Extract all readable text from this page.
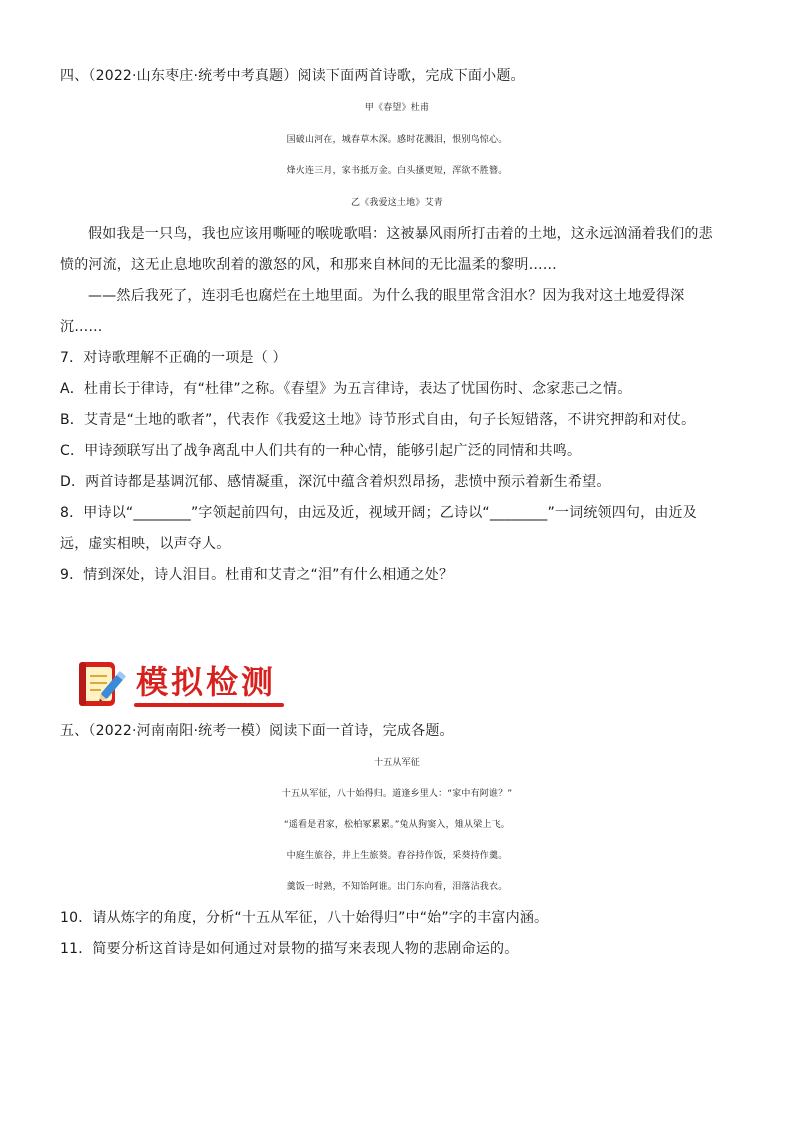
四、（2022·山东枣庄·统考中考真题）阅读下面两首诗歌，完成下面小题。
甲《春望》杜甫
国破山河在，城春草木深。感时花溅泪，恨别鸟惊心。
烽火连三月，家书抵万金。白头搔更短，浑欲不胜簪。
乙《我爱这土地》艾青
假如我是一只鸟，我也应该用嘶哑的喉咙歌唱：这被暴风雨所打击着的土地，这永远汹涌着我们的悲
愤的河流，这无止息地吹刮着的激怒的风，和那来自林间的无比温柔的黎明……
——然后我死了，连羽毛也腐烂在土地里面。为什么我的眼里常含泪水？因为我对这土地爱得深
沉……
7．对诗歌理解不正确的一项是（ ）
A．杜甫长于律诗，有“杜律”之称。《春望》为五言律诗，表达了忧国伤时、念家悲己之情。
B．艾青是“土地的歌者”，代表作《我爱这土地》诗节形式自由，句子长短错落，不讲究押韵和对仗。
C．甲诗颈联写出了战争离乱中人们共有的一种心情，能够引起广泛的同情和共鸣。
D．两首诗都是基调沉郁、感情凝重，深沉中蕴含着炽烈昂扬，悲愤中预示着新生希望。
8．甲诗以“________”字领起前四句，由远及近，视域开阔；乙诗以“________”一词统领四句，由近及
远，虚实相映，以声夺人。
9．情到深处，诗人泪目。杜甫和艾青之“泪”有什么相通之处？
模拟检测
五、（2022·河南南阳·统考一模）阅读下面一首诗，完成各题。
十五从军征
十五从军征，八十始得归。道逢乡里人：“家中有阿谁？”
“遥看是君家，松柏冢累累。”兔从狗窦入，雉从梁上飞。
中庭生旅谷，井上生旅葵。舂谷持作饭，采葵持作羹。
羹饭一时熟，不知饴阿谁。出门东向看，泪落沾我衣。
10．请从炼字的角度，分析“十五从军征，八十始得归”中“始”字的丰富内涵。
11．简要分析这首诗是如何通过对景物的描写来表现人物的悲剧命运的。
